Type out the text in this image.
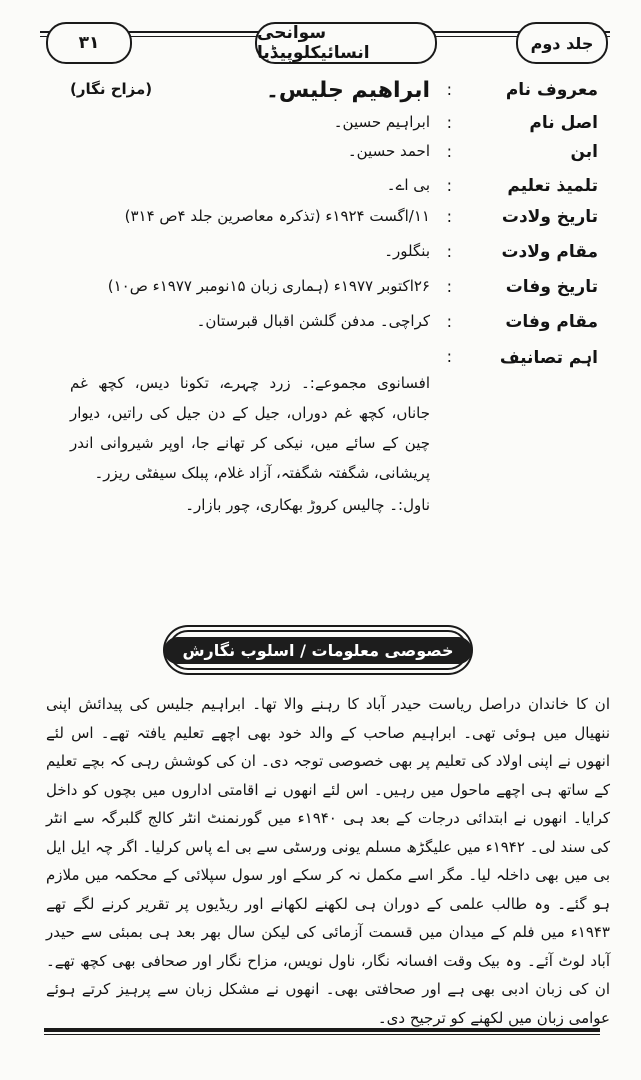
۳۱	سوانحی انسائیکلوپیڈیا	جلد دوم
معروف نام
:
ابراھیم جلیس۔
(مزاح نگار)
اصل نام
:
ابراہیم حسین۔
ابن
:
احمد حسین۔
تلمیذ تعلیم
:
بی اے۔
تاریخ ولادت
:
۱۱/اگست ۱۹۲۴ء (تذکرہ معاصرین جلد ۴ص ۳۱۴)
مقام ولادت
:
بنگلور۔
تاریخ وفات
:
۲۶اکتوبر ۱۹۷۷ء (ہماری زبان ۱۵نومبر ۱۹۷۷ء ص۱۰)
مقام وفات
:
کراچی۔ مدفن گلشن اقبال قبرستان۔
اہم تصانیف
:

افسانوی مجموعے:۔ زرد چہرے، تکونا دیس، کچھ غم جاناں، کچھ غم دوراں، جیل کے دن جیل کی راتیں، دیوار چین کے سائے میں، نیکی کر تھانے جا، اوپر شیروانی اندر پریشانی، شگفتہ شگفتہ، آزاد غلام، پبلک سیفٹی ریزر۔

ناول:۔ چالیس کروڑ بھکاری، چور بازار۔

خصوصی معلومات / اسلوب نگارش
ان کا خاندان دراصل ریاست حیدر آباد کا رہنے والا تھا۔ ابراہیم جلیس کی پیدائش اپنی ننھیال میں ہوئی تھی۔ ابراہیم صاحب کے والد خود بھی اچھے تعلیم یافتہ تھے۔ اس لئے انھوں نے اپنی اولاد کی تعلیم پر بھی خصوصی توجہ دی۔ ان کی کوشش رہی کہ بچے تعلیم کے ساتھ ہی اچھے ماحول میں رہیں۔ اس لئے انھوں نے اقامتی اداروں میں بچوں کو داخل کرایا۔ انھوں نے ابتدائی درجات کے بعد ہی ۱۹۴۰ء میں گورنمنٹ انٹر کالج گلبرگہ سے انٹر کی سند لی۔ ۱۹۴۲ء میں علیگڑھ مسلم یونی ورسٹی سے بی اے پاس کرلیا۔ اگر چہ ایل ایل بی میں بھی داخلہ لیا۔ مگر اسے مکمل نہ کر سکے اور سول سپلائی کے محکمہ میں ملازم ہو گئے۔ وہ طالب علمی کے دوران ہی لکھنے لکھانے اور ریڈیوں پر تقریر کرنے لگے تھے ۱۹۴۳ء میں فلم کے میدان میں قسمت آزمائی کی لیکن سال بھر بعد ہی بمبئی سے حیدر آباد لوٹ آئے۔ وہ بیک وقت افسانہ نگار، ناول نویس، مزاح نگار اور صحافی بھی کچھ تھے۔ ان کی زبان ادبی بھی ہے اور صحافتی بھی۔ انھوں نے مشکل زبان سے پرہیز کرتے ہوئے عوامی زبان میں لکھنے کو ترجیح دی۔
